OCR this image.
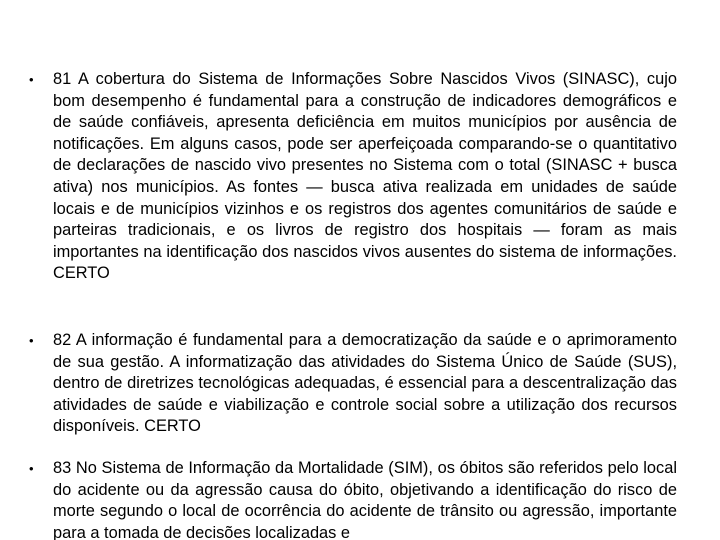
• 81 A cobertura do Sistema de Informações Sobre Nascidos Vivos (SINASC), cujo bom desempenho é fundamental para a construção de indicadores demográficos e de saúde confiáveis, apresenta deficiência em muitos municípios por ausência de notificações. Em alguns casos, pode ser aperfeiçoada comparando-se o quantitativo de declarações de nascido vivo presentes no Sistema com o total (SINASC + busca ativa) nos municípios. As fontes — busca ativa realizada em unidades de saúde locais e de municípios vizinhos e os registros dos agentes comunitários de saúde e parteiras tradicionais, e os livros de registro dos hospitais — foram as mais importantes na identificação dos nascidos vivos ausentes do sistema de informações. CERTO

• 82 A informação é fundamental para a democratização da saúde e o aprimoramento de sua gestão. A informatização das atividades do Sistema Único de Saúde (SUS), dentro de diretrizes tecnológicas adequadas, é essencial para a descentralização das atividades de saúde e viabilização e controle social sobre a utilização dos recursos disponíveis. CERTO

• 83 No Sistema de Informação da Mortalidade (SIM), os óbitos são referidos pelo local do acidente ou da agressão causa do óbito, objetivando a identificação do risco de morte segundo o local de ocorrência do acidente de trânsito ou agressão, importante para a tomada de decisões localizadas e
